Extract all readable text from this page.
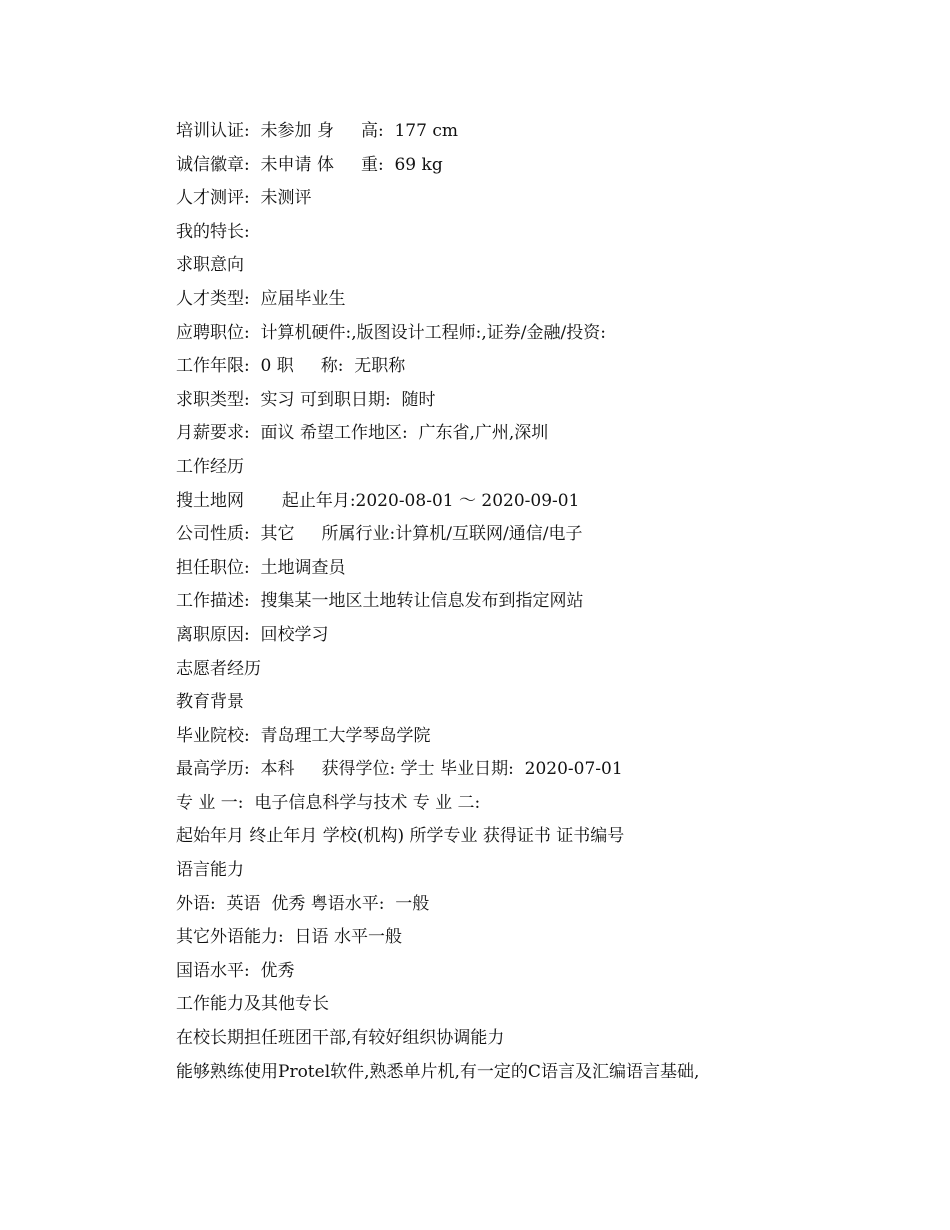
培训认证:  未参加 身     高:  177 cm
诚信徽章:  未申请 体     重:  69 kg
人才测评:  未测评
我的特长:
求职意向
人才类型:  应届毕业生
应聘职位:  计算机硬件:,版图设计工程师:,证券/金融/投资:
工作年限:  0 职     称:  无职称
求职类型:  实习 可到职日期:  随时
月薪要求:  面议 希望工作地区:  广东省,广州,深圳
工作经历
搜土地网       起止年月:2020-08-01 ～ 2020-09-01
公司性质:  其它     所属行业:计算机/互联网/通信/电子
担任职位:  土地调查员
工作描述:  搜集某一地区土地转让信息发布到指定网站
离职原因:  回校学习
志愿者经历
教育背景
毕业院校:  青岛理工大学琴岛学院
最高学历:  本科     获得学位: 学士 毕业日期:  2020-07-01
专 业 一:  电子信息科学与技术 专 业 二:
起始年月 终止年月 学校(机构) 所学专业 获得证书 证书编号
语言能力
外语:  英语  优秀 粤语水平:  一般
其它外语能力:  日语 水平一般
国语水平:  优秀
工作能力及其他专长
在校长期担任班团干部,有较好组织协调能力
能够熟练使用Protel软件,熟悉单片机,有一定的C语言及汇编语言基础,
